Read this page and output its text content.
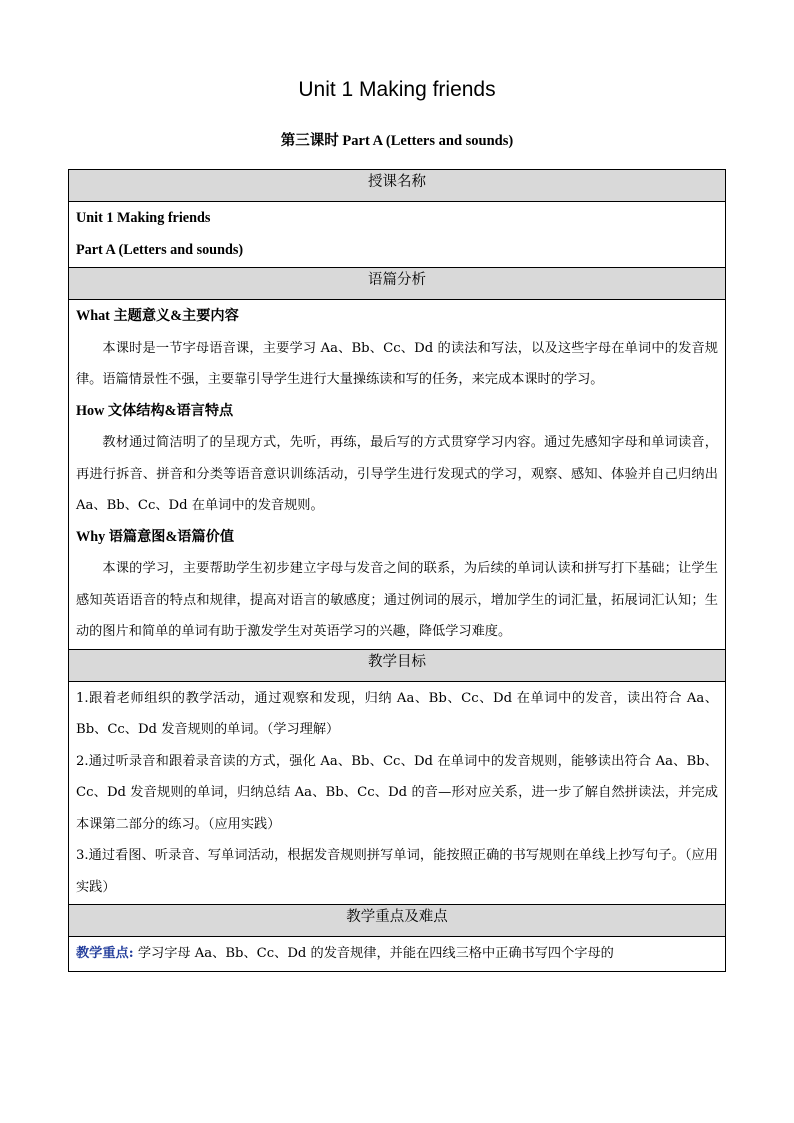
Unit 1 Making friends
第三课时 Part A (Letters and sounds)
授课名称

Unit 1 Making friends
Part A (Letters and sounds)

语篇分析

What 主题意义&主要内容
本课时是一节字母语音课，主要学习 Aa、Bb、Cc、Dd 的读法和写法，以及这些字母在单词中的发音规律。语篇情景性不强，主要靠引导学生进行大量操练读和写的任务，来完成本课时的学习。
How 文体结构&语言特点
教材通过简洁明了的呈现方式，先听，再练，最后写的方式贯穿学习内容。通过先感知字母和单词读音，再进行拆音、拼音和分类等语音意识训练活动，引导学生进行发现式的学习，观察、感知、体验并自己归纳出 Aa、Bb、Cc、Dd 在单词中的发音规则。
Why 语篇意图&语篇价值
本课的学习，主要帮助学生初步建立字母与发音之间的联系，为后续的单词认读和拼写打下基础；让学生感知英语语音的特点和规律，提高对语言的敏感度；通过例词的展示，增加学生的词汇量，拓展词汇认知；生动的图片和简单的单词有助于激发学生对英语学习的兴趣，降低学习难度。

教学目标

1.跟着老师组织的教学活动，通过观察和发现，归纳 Aa、Bb、Cc、Dd 在单词中的发音，读出符合 Aa、Bb、Cc、Dd 发音规则的单词。（学习理解）
2.通过听录音和跟着录音读的方式，强化 Aa、Bb、Cc、Dd 在单词中的发音规则，能够读出符合 Aa、Bb、Cc、Dd 发音规则的单词，归纳总结 Aa、Bb、Cc、Dd 的音—形对应关系，进一步了解自然拼读法，并完成本课第二部分的练习。（应用实践）
3.通过看图、听录音、写单词活动，根据发音规则拼写单词，能按照正确的书写规则在单线上抄写句子。（应用实践）

教学重点及难点

教学重点: 学习字母 Aa、Bb、Cc、Dd 的发音规律，并能在四线三格中正确书写四个字母的
